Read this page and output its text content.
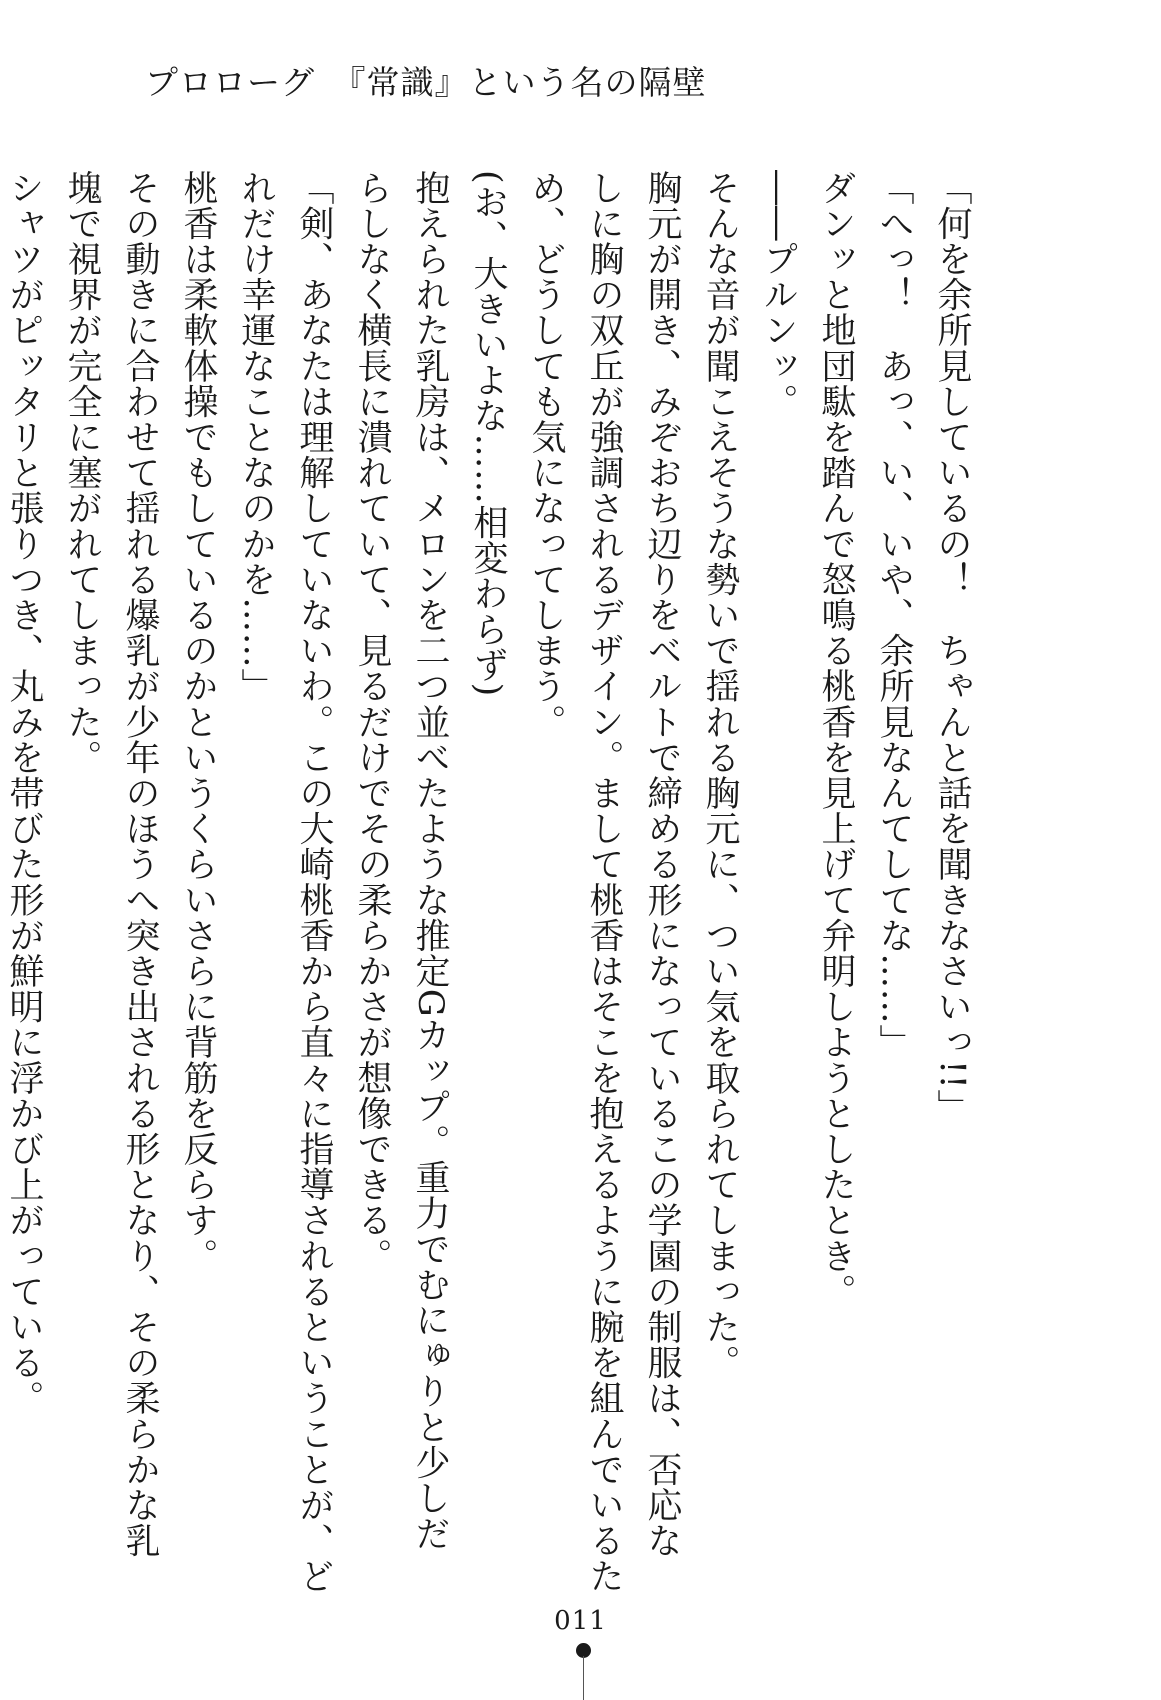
プロローグ　『常識』という名の隔壁
「何を余所見しているの！　ちゃんと話を聞きなさいっ!!」
「へっ！　あっ、い、いや、余所見なんてしてな……」
ダンッと地団駄を踏んで怒鳴る桃香を見上げて弁明しようとしたとき。
――プルンッ。
そんな音が聞こえそうな勢いで揺れる胸元に、つい気を取られてしまった。
胸元が開き、みぞおち辺りをベルトで締める形になっているこの学園の制服は、否応な
しに胸の双丘が強調されるデザイン。まして桃香はそこを抱えるように腕を組んでいるた
め、どうしても気になってしまう。
(お、大きいよな……相変わらず)
抱えられた乳房は、メロンを二つ並べたような推定Gカップ。重力でむにゅりと少しだ
らしなく横長に潰れていて、見るだけでその柔らかさが想像できる。
「剣、あなたは理解していないわ。この大崎桃香から直々に指導されるということが、ど
れだけ幸運なことなのかを……」
桃香は柔軟体操でもしているのかというくらいさらに背筋を反らす。
その動きに合わせて揺れる爆乳が少年のほうへ突き出される形となり、その柔らかな乳
塊で視界が完全に塞がれてしまった。
シャツがピッタリと張りつき、丸みを帯びた形が鮮明に浮かび上がっている。
011
